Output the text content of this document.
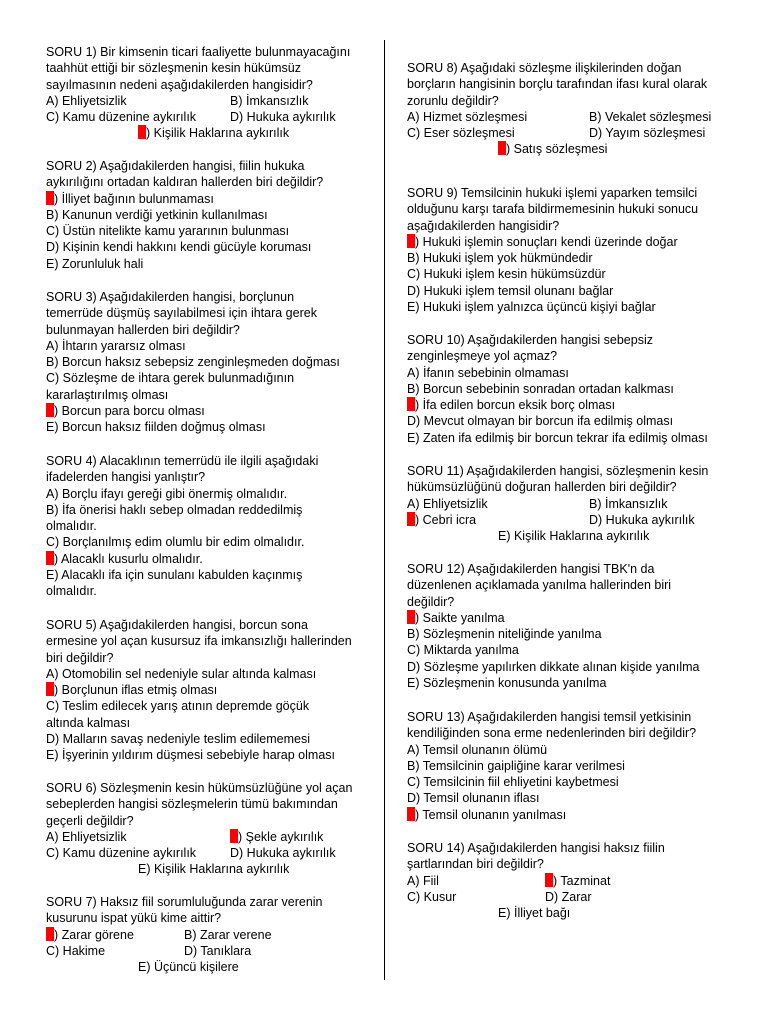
SORU 1) Bir kimsenin ticari faaliyette bulunmayacağını taahhüt ettiği bir sözleşmenin kesin hükümsüz sayılmasının nedeni aşağıdakilerden hangisidir?

A) Ehliyetsizlik	B) İmkansızlık
C) Kamu düzenine aykırılık	D) Hukuka aykırılık
) Kişilik Haklarına aykırılık

SORU 2) Aşağıdakilerden hangisi, fiilin hukuka aykırılığını ortadan kaldıran hallerden biri değildir?

) İlliyet bağının bulunmaması
B) Kanunun verdiği yetkinin kullanılması
C) Üstün nitelikte kamu yararının bulunması
D) Kişinin kendi hakkını kendi gücüyle koruması
E) Zorunluluk hali

SORU 3) Aşağıdakilerden hangisi, borçlunun temerrüde düşmüş sayılabilmesi için ihtara gerek bulunmayan hallerden biri değildir?

A) İhtarın yararsız olması
B) Borcun haksız sebepsiz zenginleşmeden doğması
C) Sözleşme de ihtara gerek bulunmadığının kararlaştırılmış olması
) Borcun para borcu olması
E) Borcun haksız fiilden doğmuş olması

SORU 4) Alacaklının temerrüdü ile ilgili aşağıdaki ifadelerden hangisi yanlıştır?

A) Borçlu ifayı gereği gibi önermiş olmalıdır.
B) İfa önerisi haklı sebep olmadan reddedilmiş olmalıdır.
C) Borçlanılmış edim olumlu bir edim olmalıdır.
) Alacaklı kusurlu olmalıdır.
E) Alacaklı ifa için sunulanı kabulden kaçınmış olmalıdır.

SORU 5) Aşağıdakilerden hangisi, borcun sona ermesine yol açan kusursuz ifa imkansızlığı hallerinden biri değildir?

A) Otomobilin sel nedeniyle sular altında kalması
) Borçlunun iflas etmiş olması
C) Teslim edilecek yarış atının depremde göçük altında kalması
D) Malların savaş nedeniyle teslim edilememesi
E) İşyerinin yıldırım düşmesi sebebiyle harap olması

SORU 6) Sözleşmenin kesin hükümsüzlüğüne yol açan sebeplerden hangisi sözleşmelerin tümü bakımından geçerli değildir?

A) Ehliyetsizlik	) Şekle aykırılık
C) Kamu düzenine aykırılık	D) Hukuka aykırılık
E) Kişilik Haklarına aykırılık

SORU 7) Haksız fiil sorumluluğunda zarar verenin kusurunu ispat yükü kime aittir?

) Zarar görene	B) Zarar verene
C) Hakime	D) Tanıklara
E) Üçüncü kişilere

SORU 8) Aşağıdaki sözleşme ilişkilerinden doğan borçların hangisinin borçlu tarafından ifası kural olarak zorunlu değildir?

A) Hizmet sözleşmesi	B) Vekalet sözleşmesi
C) Eser sözleşmesi	D) Yayım sözleşmesi
) Satış sözleşmesi

SORU 9) Temsilcinin hukuki işlemi yaparken temsilci olduğunu karşı tarafa bildirmemesinin hukuki sonucu aşağıdakilerden hangisidir?

) Hukuki işlemin sonuçları kendi üzerinde doğar
B) Hukuki işlem yok hükmündedir
C) Hukuki işlem kesin hükümsüzdür
D) Hukuki işlem temsil olunanı bağlar
E) Hukuki işlem yalnızca üçüncü kişiyi bağlar

SORU 10) Aşağıdakilerden hangisi sebepsiz zenginleşmeye yol açmaz?

A) İfanın sebebinin olmaması
B) Borcun sebebinin sonradan ortadan kalkması
) İfa edilen borcun eksik borç olması
D) Mevcut olmayan bir borcun ifa edilmiş olması
E) Zaten ifa edilmiş bir borcun tekrar ifa edilmiş olması

SORU 11) Aşağıdakilerden hangisi, sözleşmenin kesin hükümsüzlüğünü doğuran hallerden biri değildir?

A) Ehliyetsizlik	B) İmkansızlık
) Cebri icra	D) Hukuka aykırılık
E) Kişilik Haklarına aykırılık

SORU 12) Aşağıdakilerden hangisi TBK'n da düzenlenen açıklamada yanılma hallerinden biri değildir?

) Saikte yanılma
B) Sözleşmenin niteliğinde yanılma
C) Miktarda yanılma
D) Sözleşme yapılırken dikkate alınan kişide yanılma
E) Sözleşmenin konusunda yanılma

SORU 13) Aşağıdakilerden hangisi temsil yetkisinin kendiliğinden sona erme nedenlerinden biri değildir?

A) Temsil olunanın ölümü
B) Temsilcinin gaipliğine karar verilmesi
C) Temsilcinin fiil ehliyetini kaybetmesi
D) Temsil olunanın iflası
) Temsil olunanın yanılması

SORU 14) Aşağıdakilerden hangisi haksız fiilin şartlarından biri değildir?

A) Fiil	) Tazminat
C) Kusur	D) Zarar
E) İlliyet bağı
